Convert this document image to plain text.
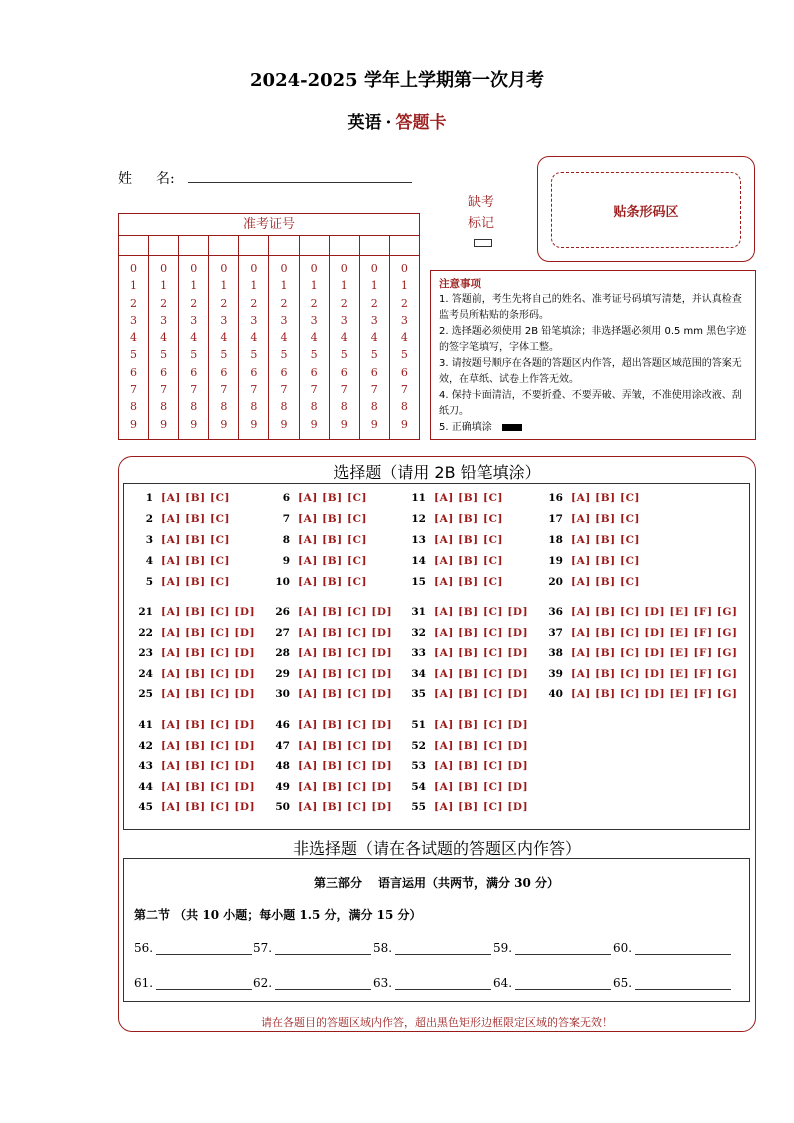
2024-2025 学年上学期第一次月考
英语 · 答题卡
姓 名:
准考证号
0
1
2
3
4
5
6
7
8
9
0
1
2
3
4
5
6
7
8
9
0
1
2
3
4
5
6
7
8
9
0
1
2
3
4
5
6
7
8
9
0
1
2
3
4
5
6
7
8
9
0
1
2
3
4
5
6
7
8
9
0
1
2
3
4
5
6
7
8
9
0
1
2
3
4
5
6
7
8
9
0
1
2
3
4
5
6
7
8
9
0
1
2
3
4
5
6
7
8
9
缺考
标记
贴条形码区
注意事项
1. 答题前，考生先将自己的姓名、准考证号码填写清楚，并认真检查监考员所粘贴的条形码。
2. 选择题必须使用 2B 铅笔填涂；非选择题必须用 0.5 mm 黑色字迹的签字笔填写，字体工整。
3. 请按题号顺序在各题的答题区内作答，超出答题区域范围的答案无效，在草纸、试卷上作答无效。
4. 保持卡面清洁，不要折叠、不要弄破、弄皱，不准使用涂改液、刮纸刀。
5. 正确填涂
选择题（请用 2B 铅笔填涂）
非选择题（请在各试题的答题区内作答）
第三部分 语言运用（共两节，满分 30 分）
第二节 （共 10 小题；每小题 1.5 分，满分 15 分）
请在各题目的答题区域内作答，超出黑色矩形边框限定区域的答案无效！
1 [A] [B] [C]
2 [A] [B] [C]
3 [A] [B] [C]
4 [A] [B] [C]
5 [A] [B] [C]
6 [A] [B] [C]
7 [A] [B] [C]
8 [A] [B] [C]
9 [A] [B] [C]
10 [A] [B] [C]
11 [A] [B] [C]
12 [A] [B] [C]
13 [A] [B] [C]
14 [A] [B] [C]
15 [A] [B] [C]
16 [A] [B] [C]
17 [A] [B] [C]
18 [A] [B] [C]
19 [A] [B] [C]
20 [A] [B] [C]
21 [A] [B] [C] [D]
22 [A] [B] [C] [D]
23 [A] [B] [C] [D]
24 [A] [B] [C] [D]
25 [A] [B] [C] [D]
26 [A] [B] [C] [D]
27 [A] [B] [C] [D]
28 [A] [B] [C] [D]
29 [A] [B] [C] [D]
30 [A] [B] [C] [D]
31 [A] [B] [C] [D]
32 [A] [B] [C] [D]
33 [A] [B] [C] [D]
34 [A] [B] [C] [D]
35 [A] [B] [C] [D]
36 [A] [B] [C] [D] [E] [F] [G]
37 [A] [B] [C] [D] [E] [F] [G]
38 [A] [B] [C] [D] [E] [F] [G]
39 [A] [B] [C] [D] [E] [F] [G]
40 [A] [B] [C] [D] [E] [F] [G]
41 [A] [B] [C] [D]
42 [A] [B] [C] [D]
43 [A] [B] [C] [D]
44 [A] [B] [C] [D]
45 [A] [B] [C] [D]
46 [A] [B] [C] [D]
47 [A] [B] [C] [D]
48 [A] [B] [C] [D]
49 [A] [B] [C] [D]
50 [A] [B] [C] [D]
51 [A] [B] [C] [D]
52 [A] [B] [C] [D]
53 [A] [B] [C] [D]
54 [A] [B] [C] [D]
55 [A] [B] [C] [D]
56.	57.	58.	59.	60.
61.	62.	63.	64.	65.
